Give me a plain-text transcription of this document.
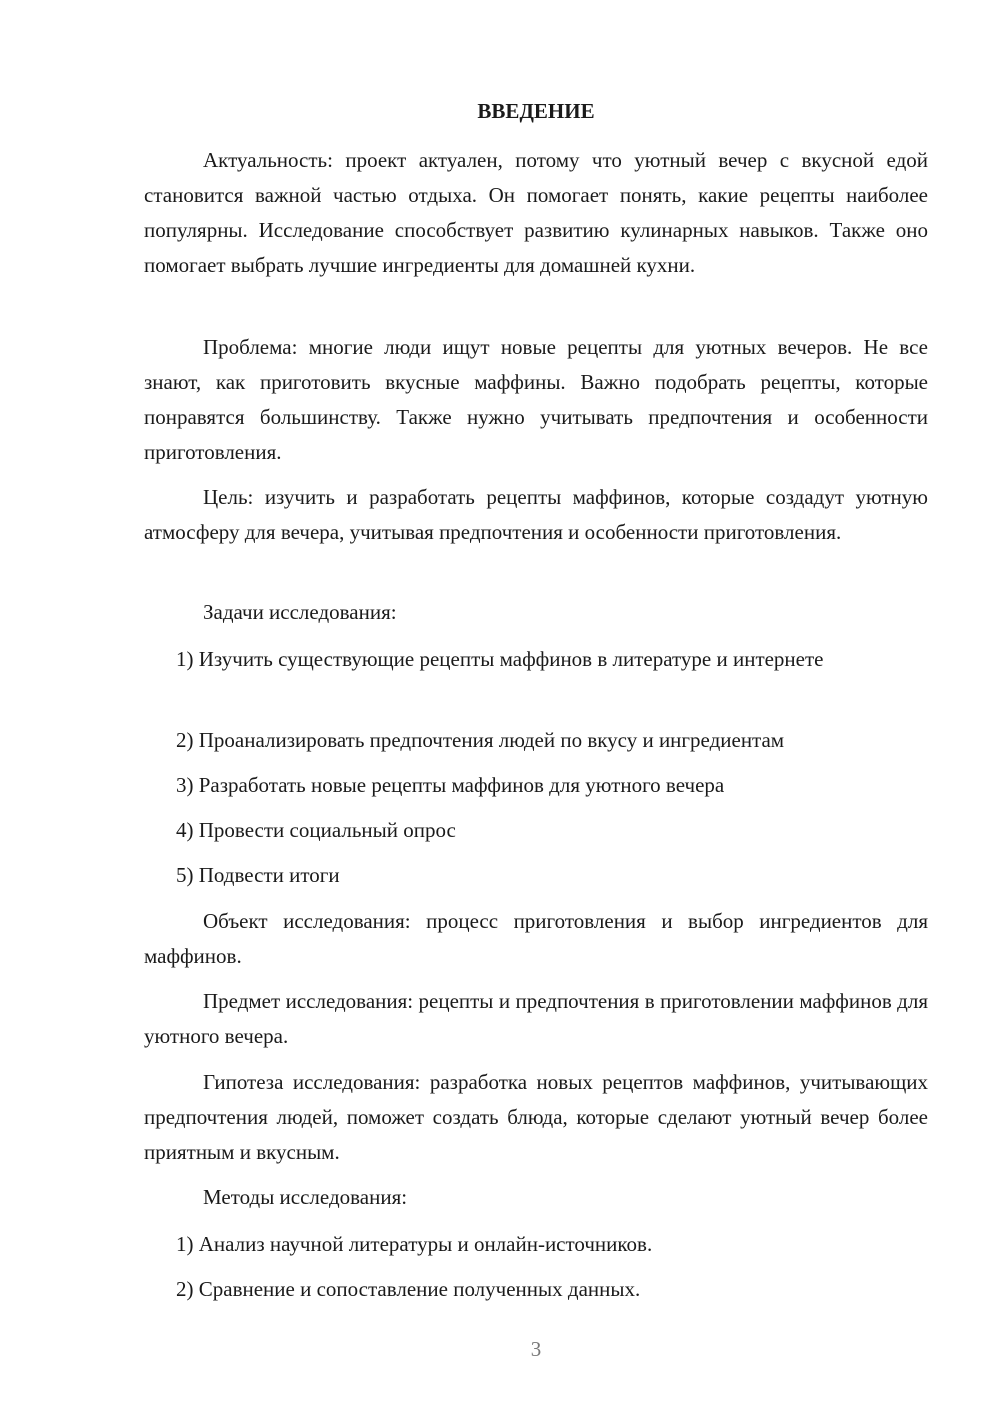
ВВЕДЕНИЕ

Актуальность: проект актуален, потому что уютный вечер с вкусной едой становится важной частью отдыха. Он помогает понять, какие рецепты наиболее популярны. Исследование способствует развитию кулинарных навыков. Также оно помогает выбрать лучшие ингредиенты для домашней кухни.

Проблема: многие люди ищут новые рецепты для уютных вечеров. Не все знают, как приготовить вкусные маффины. Важно подобрать рецепты, которые понравятся большинству. Также нужно учитывать предпочтения и особенности приготовления.

Цель: изучить и разработать рецепты маффинов, которые создадут уютную атмосферу для вечера, учитывая предпочтения и особенности приготовления.

Задачи исследования:

1) Изучить существующие рецепты маффинов в литературе и интернете

2) Проанализировать предпочтения людей по вкусу и ингредиентам

3) Разработать новые рецепты маффинов для уютного вечера

4) Провести социальный опрос

5) Подвести итоги

Объект исследования: процесс приготовления и выбор ингредиентов для маффинов.

Предмет исследования: рецепты и предпочтения в приготовлении маффинов для уютного вечера.

Гипотеза исследования: разработка новых рецептов маффинов, учитывающих предпочтения людей, поможет создать блюда, которые сделают уютный вечер более приятным и вкусным.

Методы исследования:

1) Анализ научной литературы и онлайн-источников.

2) Сравнение и сопоставление полученных данных.

3
